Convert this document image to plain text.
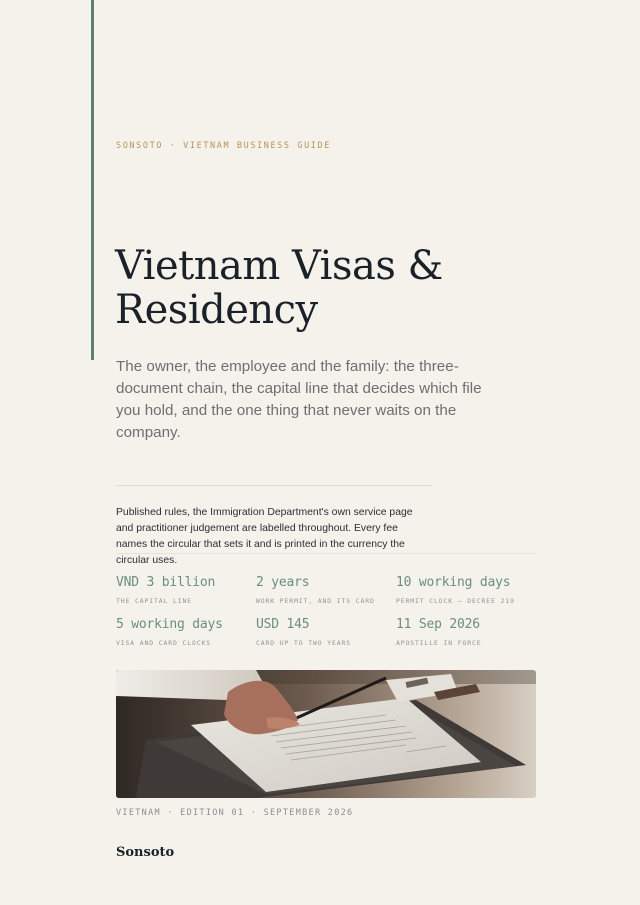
SONSOTO · VIETNAM BUSINESS GUIDE
Vietnam Visas & Residency

The owner, the employee and the family: the three-document chain, the capital line that decides which file you hold, and the one thing that never waits on the company.

Published rules, the Immigration Department's own service page and practitioner judgement are labelled throughout. Every fee names the circular that sets it and is printed in the currency the circular uses.

VND 3 billion
THE CAPITAL LINE
2 years
WORK PERMIT, AND ITS CARD
10 working days
PERMIT CLOCK — DECREE 219
5 working days
VISA AND CARD CLOCKS
USD 145
CARD UP TO TWO YEARS
11 Sep 2026
APOSTILLE IN FORCE
VIETNAM · EDITION 01 · SEPTEMBER 2026
Sonsoto
